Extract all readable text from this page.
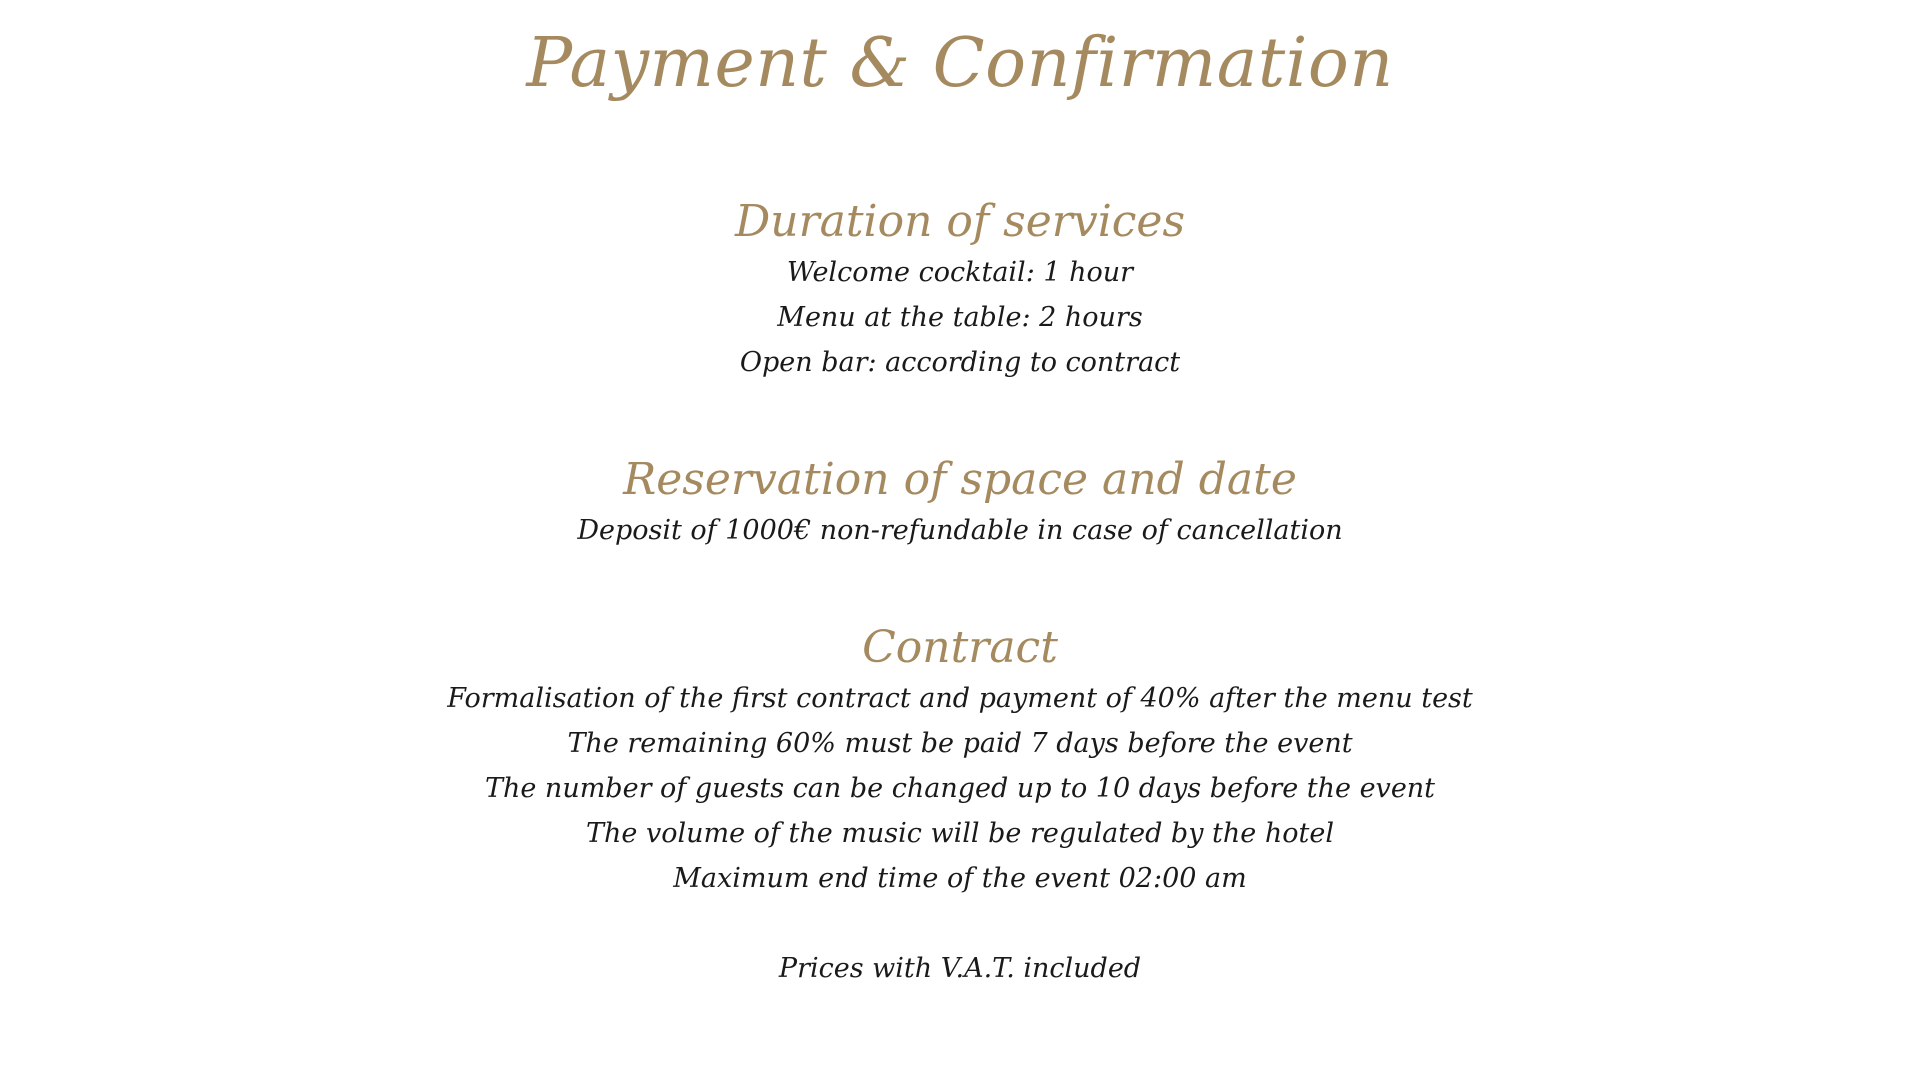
Payment & Confirmation
Duration of services

Welcome cocktail: 1 hour

Menu at the table: 2 hours

Open bar: according to contract

Reservation of space and date

Deposit of 1000€ non-refundable in case of cancellation

Contract

Formalisation of the first contract and payment of 40% after the menu test

The remaining 60% must be paid 7 days before the event

The number of guests can be changed up to 10 days before the event

The volume of the music will be regulated by the hotel

Maximum end time of the event 02:00 am

Prices with V.A.T. included
